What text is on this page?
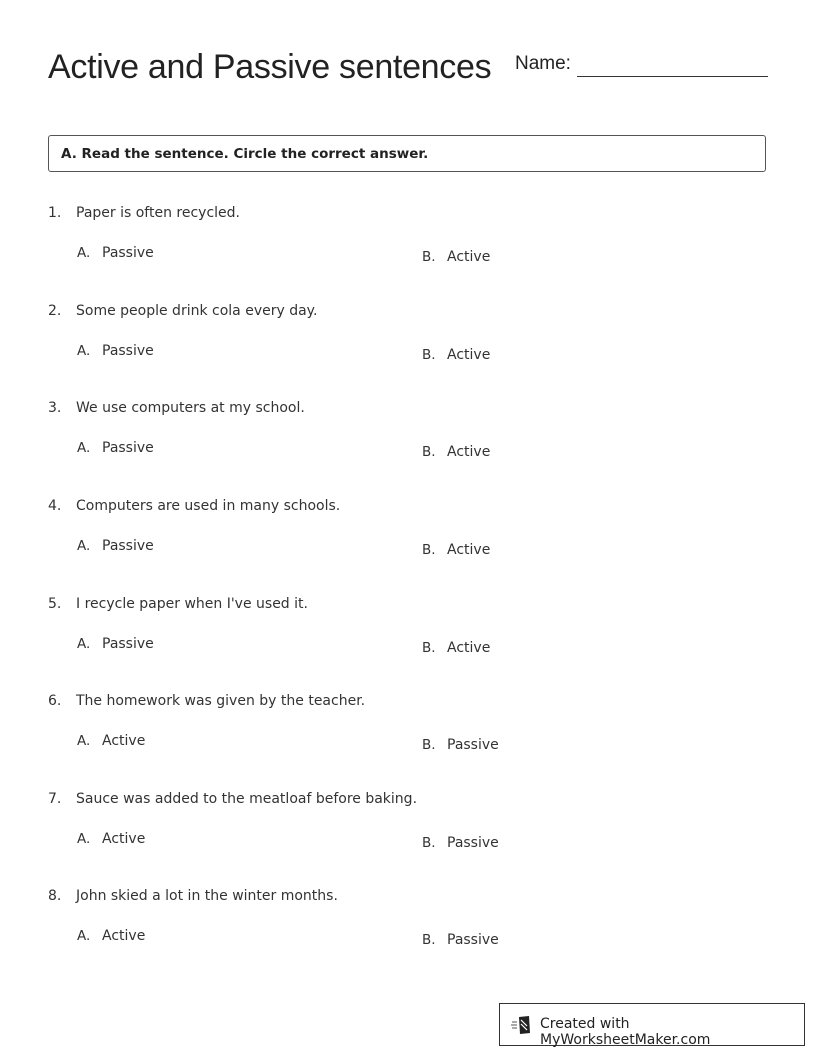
Active and Passive sentences Name:
A. Read the sentence. Circle the correct answer.
1. Paper is often recycled.
A. Passive	B. Active
2. Some people drink cola every day.
A. Passive	B. Active
3. We use computers at my school.
A. Passive	B. Active
4. Computers are used in many schools.
A. Passive	B. Active
5. I recycle paper when I've used it.
A. Passive	B. Active
6. The homework was given by the teacher.
A. Active	B. Passive
7. Sauce was added to the meatloaf before baking.
A. Active	B. Passive
8. John skied a lot in the winter months.
A. Active	B. Passive
Created with MyWorksheetMaker.com
